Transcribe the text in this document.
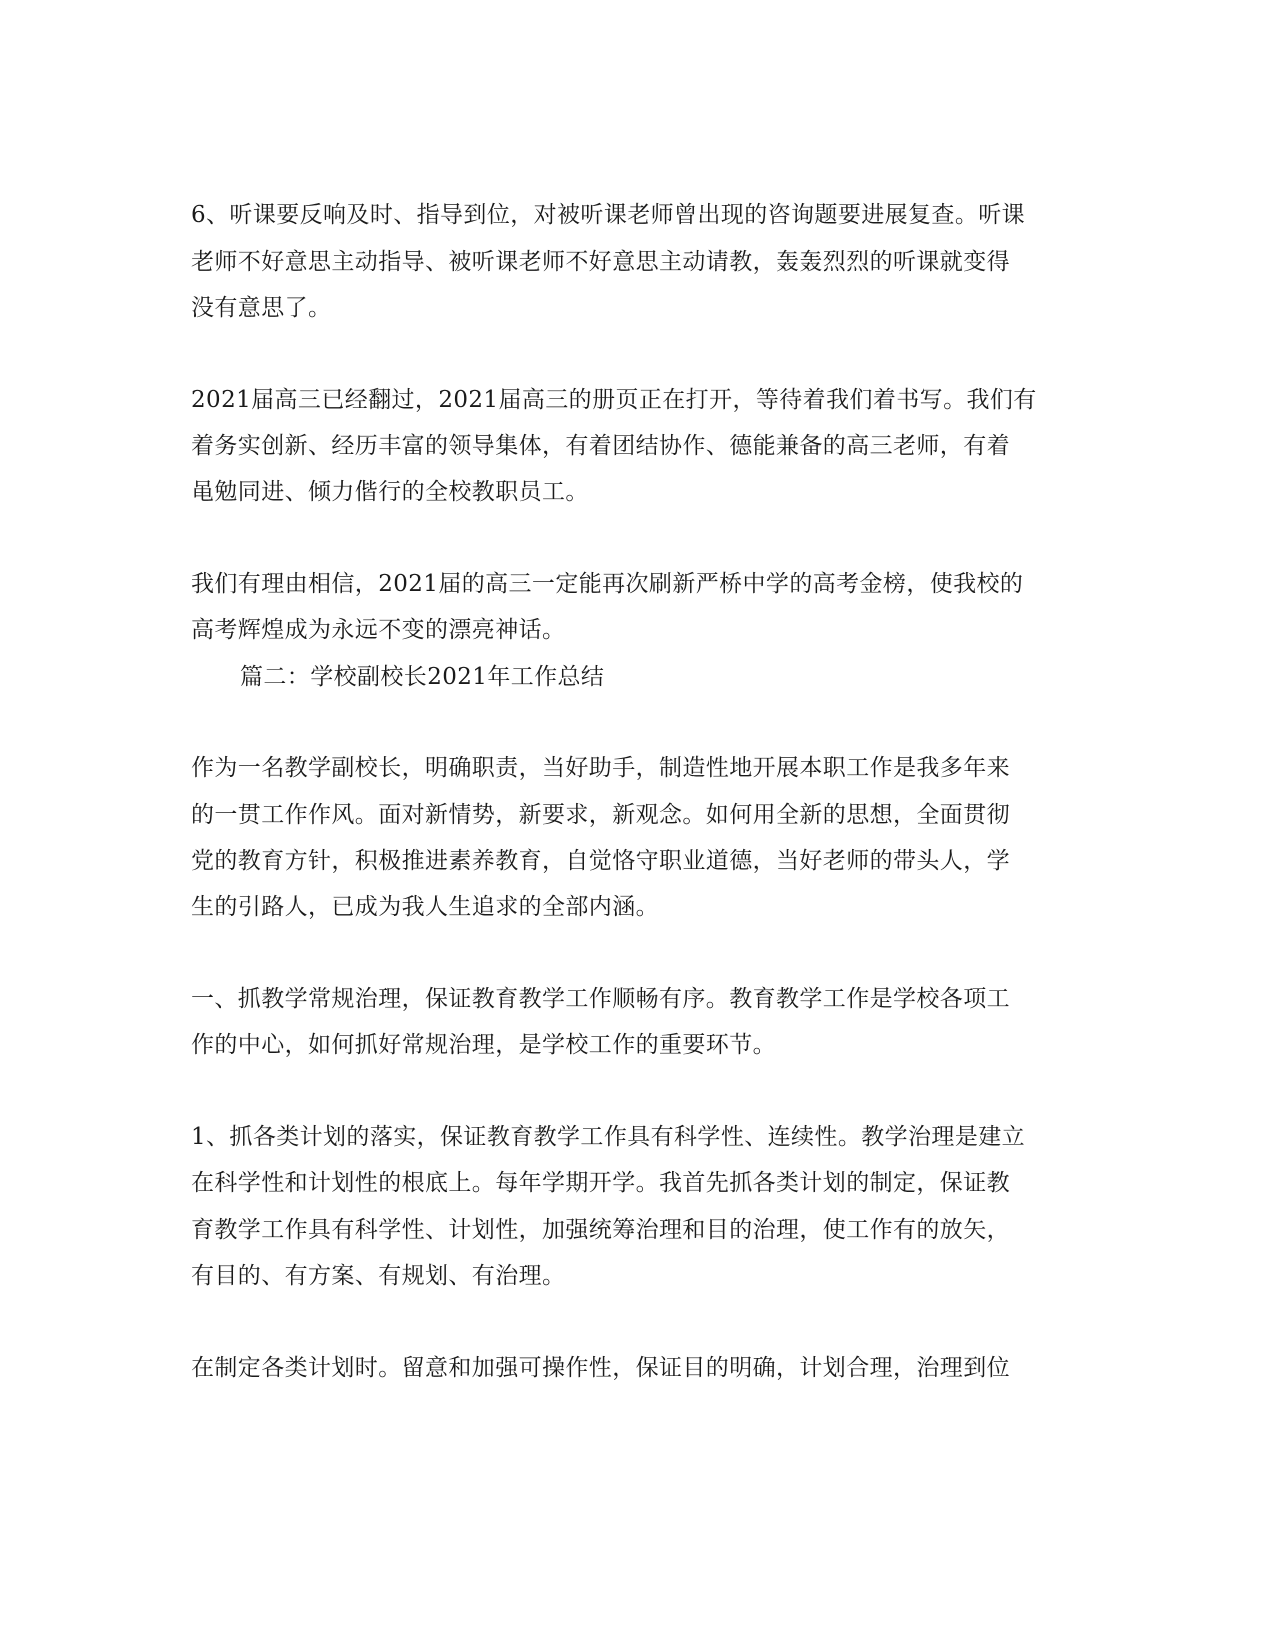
6、听课要反响及时、指导到位，对被听课老师曾出现的咨询题要进展复查。听课
老师不好意思主动指导、被听课老师不好意思主动请教，轰轰烈烈的听课就变得
没有意思了。
2021届高三已经翻过，2021届高三的册页正在打开，等待着我们着书写。我们有
着务实创新、经历丰富的领导集体，有着团结协作、德能兼备的高三老师，有着
黾勉同进、倾力偕行的全校教职员工。
我们有理由相信，2021届的高三一定能再次刷新严桥中学的高考金榜，使我校的
高考辉煌成为永远不变的漂亮神话。
篇二：学校副校长2021年工作总结
作为一名教学副校长，明确职责，当好助手，制造性地开展本职工作是我多年来
的一贯工作作风。面对新情势，新要求，新观念。如何用全新的思想，全面贯彻
党的教育方针，积极推进素养教育，自觉恪守职业道德，当好老师的带头人，学
生的引路人，已成为我人生追求的全部内涵。
一、抓教学常规治理，保证教育教学工作顺畅有序。教育教学工作是学校各项工
作的中心，如何抓好常规治理，是学校工作的重要环节。
1、抓各类计划的落实，保证教育教学工作具有科学性、连续性。教学治理是建立
在科学性和计划性的根底上。每年学期开学。我首先抓各类计划的制定，保证教
育教学工作具有科学性、计划性，加强统筹治理和目的治理，使工作有的放矢，
有目的、有方案、有规划、有治理。
在制定各类计划时。留意和加强可操作性，保证目的明确，计划合理，治理到位
